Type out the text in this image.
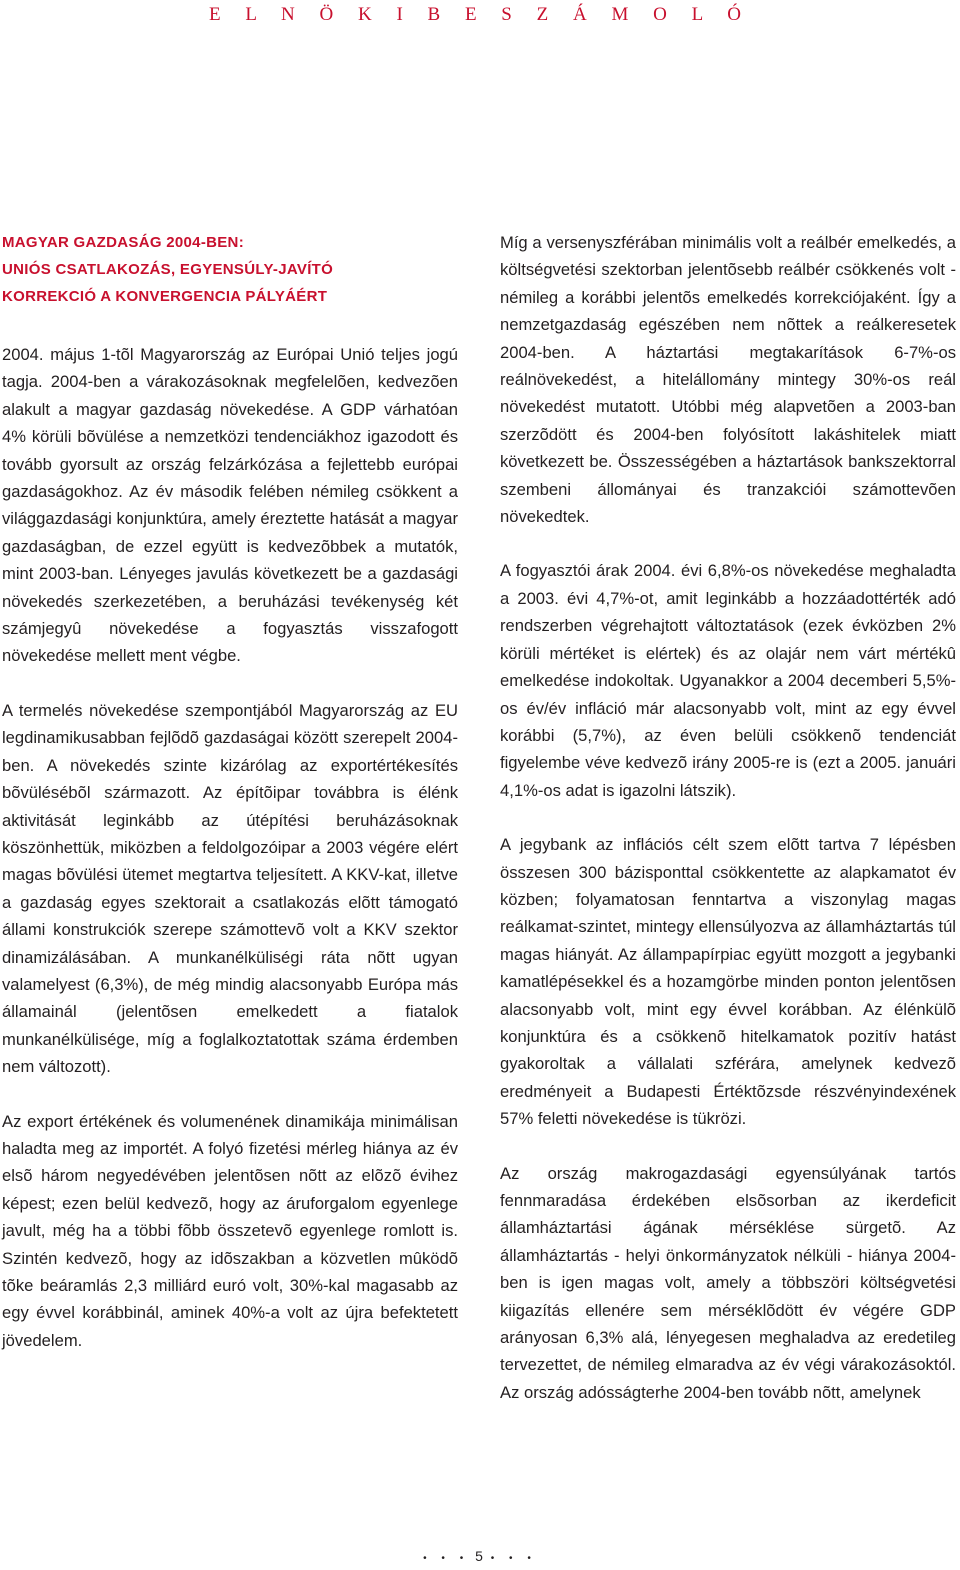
E L N Ö K I B E S Z Á M O L Ó
MAGYAR GAZDASÁG 2004-BEN:
UNIÓS CSATLAKOZÁS, EGYENSÚLY-JAVÍTÓ
KORREKCIÓ A KONVERGENCIA PÁLYÁÉRT

2004. május 1-tõl Magyarország az Európai Unió teljes jogú tagja. 2004-ben a várakozásoknak megfelelõen, kedvezõen alakult a magyar gazdaság növekedése. A GDP várhatóan 4% körüli bõvülése a nemzetközi tendenciákhoz igazodott és tovább gyorsult az ország felzárkózása a fejlettebb európai gazdaságokhoz. Az év második felében némileg csökkent a világgazdasági konjunktúra, amely éreztette hatását a magyar gazdaságban, de ezzel együtt is kedvezõbbek a mutatók, mint 2003-ban. Lényeges javulás következett be a gazdasági növekedés szerkezetében, a beruházási tevékenység két számjegyû növekedése a fogyasztás visszafogott növekedése mellett ment végbe.

A termelés növekedése szempontjából Magyarország az EU legdinamikusabban fejlõdõ gazdaságai között szerepelt 2004-ben. A növekedés szinte kizárólag az exportértékesítés bõvülésébõl származott. Az építõipar továbbra is élénk aktivitását leginkább az útépítési beruházásoknak köszönhettük, miközben a feldolgozóipar a 2003 végére elért magas bõvülési ütemet megtartva teljesített. A KKV-kat, illetve a gazdaság egyes szektorait a csatlakozás elõtt támogató állami konstrukciók szerepe számottevõ volt a KKV szektor dinamizálásában. A munkanélküliségi ráta nõtt ugyan valamelyest (6,3%), de még mindig alacsonyabb Európa más államainál (jelentõsen emelkedett a fiatalok munkanélkülisége, míg a foglalkoztatottak száma érdemben nem változott).

Az export értékének és volumenének dinamikája minimálisan haladta meg az importét. A folyó fizetési mérleg hiánya az év elsõ három negyedévében jelentõsen nõtt az elõzõ évihez képest; ezen belül kedvezõ, hogy az áruforgalom egyenlege javult, még ha a többi fõbb összetevõ egyenlege romlott is. Szintén kedvezõ, hogy az idõszakban a közvetlen mûködõ tõke beáramlás 2,3 milliárd euró volt, 30%-kal magasabb az egy évvel korábbinál, aminek 40%-a volt az újra befektetett jövedelem.

Míg a versenyszférában minimális volt a reálbér emelkedés, a költségvetési szektorban jelentõsebb reálbér csökkenés volt - némileg a korábbi jelentõs emelkedés korrekciójaként. Így a nemzetgazdaság egészében nem nõttek a reálkeresetek 2004-ben. A háztartási megtakarítások 6-7%-os reálnövekedést, a hitelállomány mintegy 30%-os reál növekedést mutatott. Utóbbi még alapvetõen a 2003-ban szerzõdött és 2004-ben folyósított lakáshitelek miatt következett be. Összességében a háztartások bankszektorral szembeni állományai és tranzakciói számottevõen növekedtek.

A fogyasztói árak 2004. évi 6,8%-os növekedése meghaladta a 2003. évi 4,7%-ot, amit leginkább a hozzáadottérték adó rendszerben végrehajtott változtatások (ezek évközben 2% körüli mértéket is elértek) és az olajár nem várt mértékû emelkedése indokoltak. Ugyanakkor a 2004 decemberi 5,5%-os év/év infláció már alacsonyabb volt, mint az egy évvel korábbi (5,7%), az éven belüli csökkenõ tendenciát figyelembe véve kedvezõ irány 2005-re is (ezt a 2005. januári 4,1%-os adat is igazolni látszik).

A jegybank az inflációs célt szem elõtt tartva 7 lépésben összesen 300 bázisponttal csökkentette az alapkamatot év közben; folyamatosan fenntartva a viszonylag magas reálkamat-szintet, mintegy ellensúlyozva az államháztartás túl magas hiányát. Az állampapírpiac együtt mozgott a jegybanki kamatlépésekkel és a hozamgörbe minden ponton jelentõsen alacsonyabb volt, mint egy évvel korábban. Az élénkülõ konjunktúra és a csökkenõ hitelkamatok pozitív hatást gyakoroltak a vállalati szférára, amelynek kedvezõ eredményeit a Budapesti Értéktõzsde részvényindexének 57% feletti növekedése is tükrözi.

Az ország makrogazdasági egyensúlyának tartós fennmaradása érdekében elsõsorban az ikerdeficit államháztartási ágának mérséklése sürgetõ. Az államháztartás - helyi önkormányzatok nélküli - hiánya 2004-ben is igen magas volt, amely a többszöri költségvetési kiigazítás ellenére sem mérséklõdött év végére GDP arányosan 6,3% alá, lényegesen meghaladva az eredetileg tervezettet, de némileg elmaradva az év végi várakozásoktól. Az ország adósságterhe 2004-ben tovább nõtt, amelynek

• • • 5 • • •
